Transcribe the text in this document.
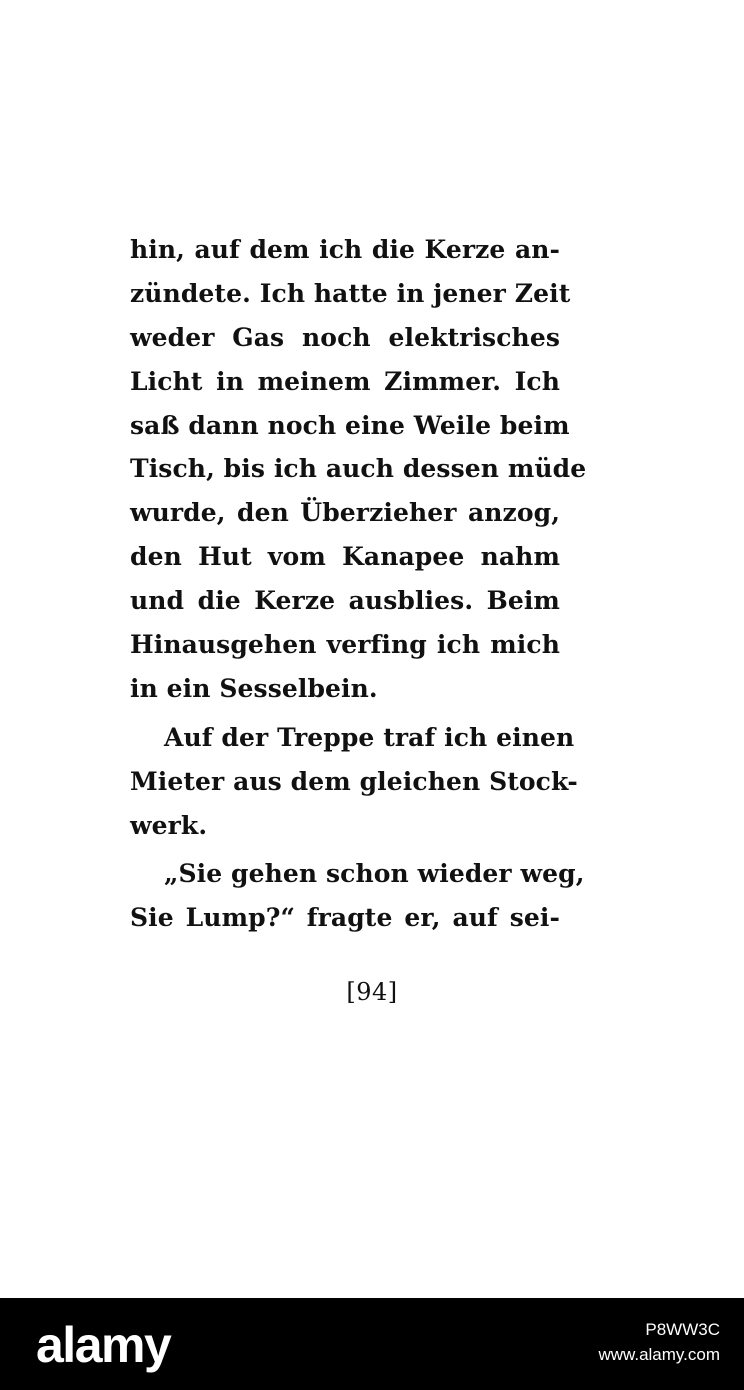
hin, auf dem ich die Kerze an-
zündete. Ich hatte in jener Zeit
weder Gas noch elektrisches
Licht in meinem Zimmer. Ich
saß dann noch eine Weile beim
Tisch, bis ich auch dessen müde
wurde, den Überzieher anzog,
den Hut vom Kanapee nahm
und die Kerze ausblies. Beim
Hinausgehen verfing ich mich
in ein Sesselbein.
Auf der Treppe traf ich einen
Mieter aus dem gleichen Stock-
werk.
„Sie gehen schon wieder weg,
Sie Lump?“ fragte er, auf sei-
[94]
alamy	P8WW3C
www.alamy.com
